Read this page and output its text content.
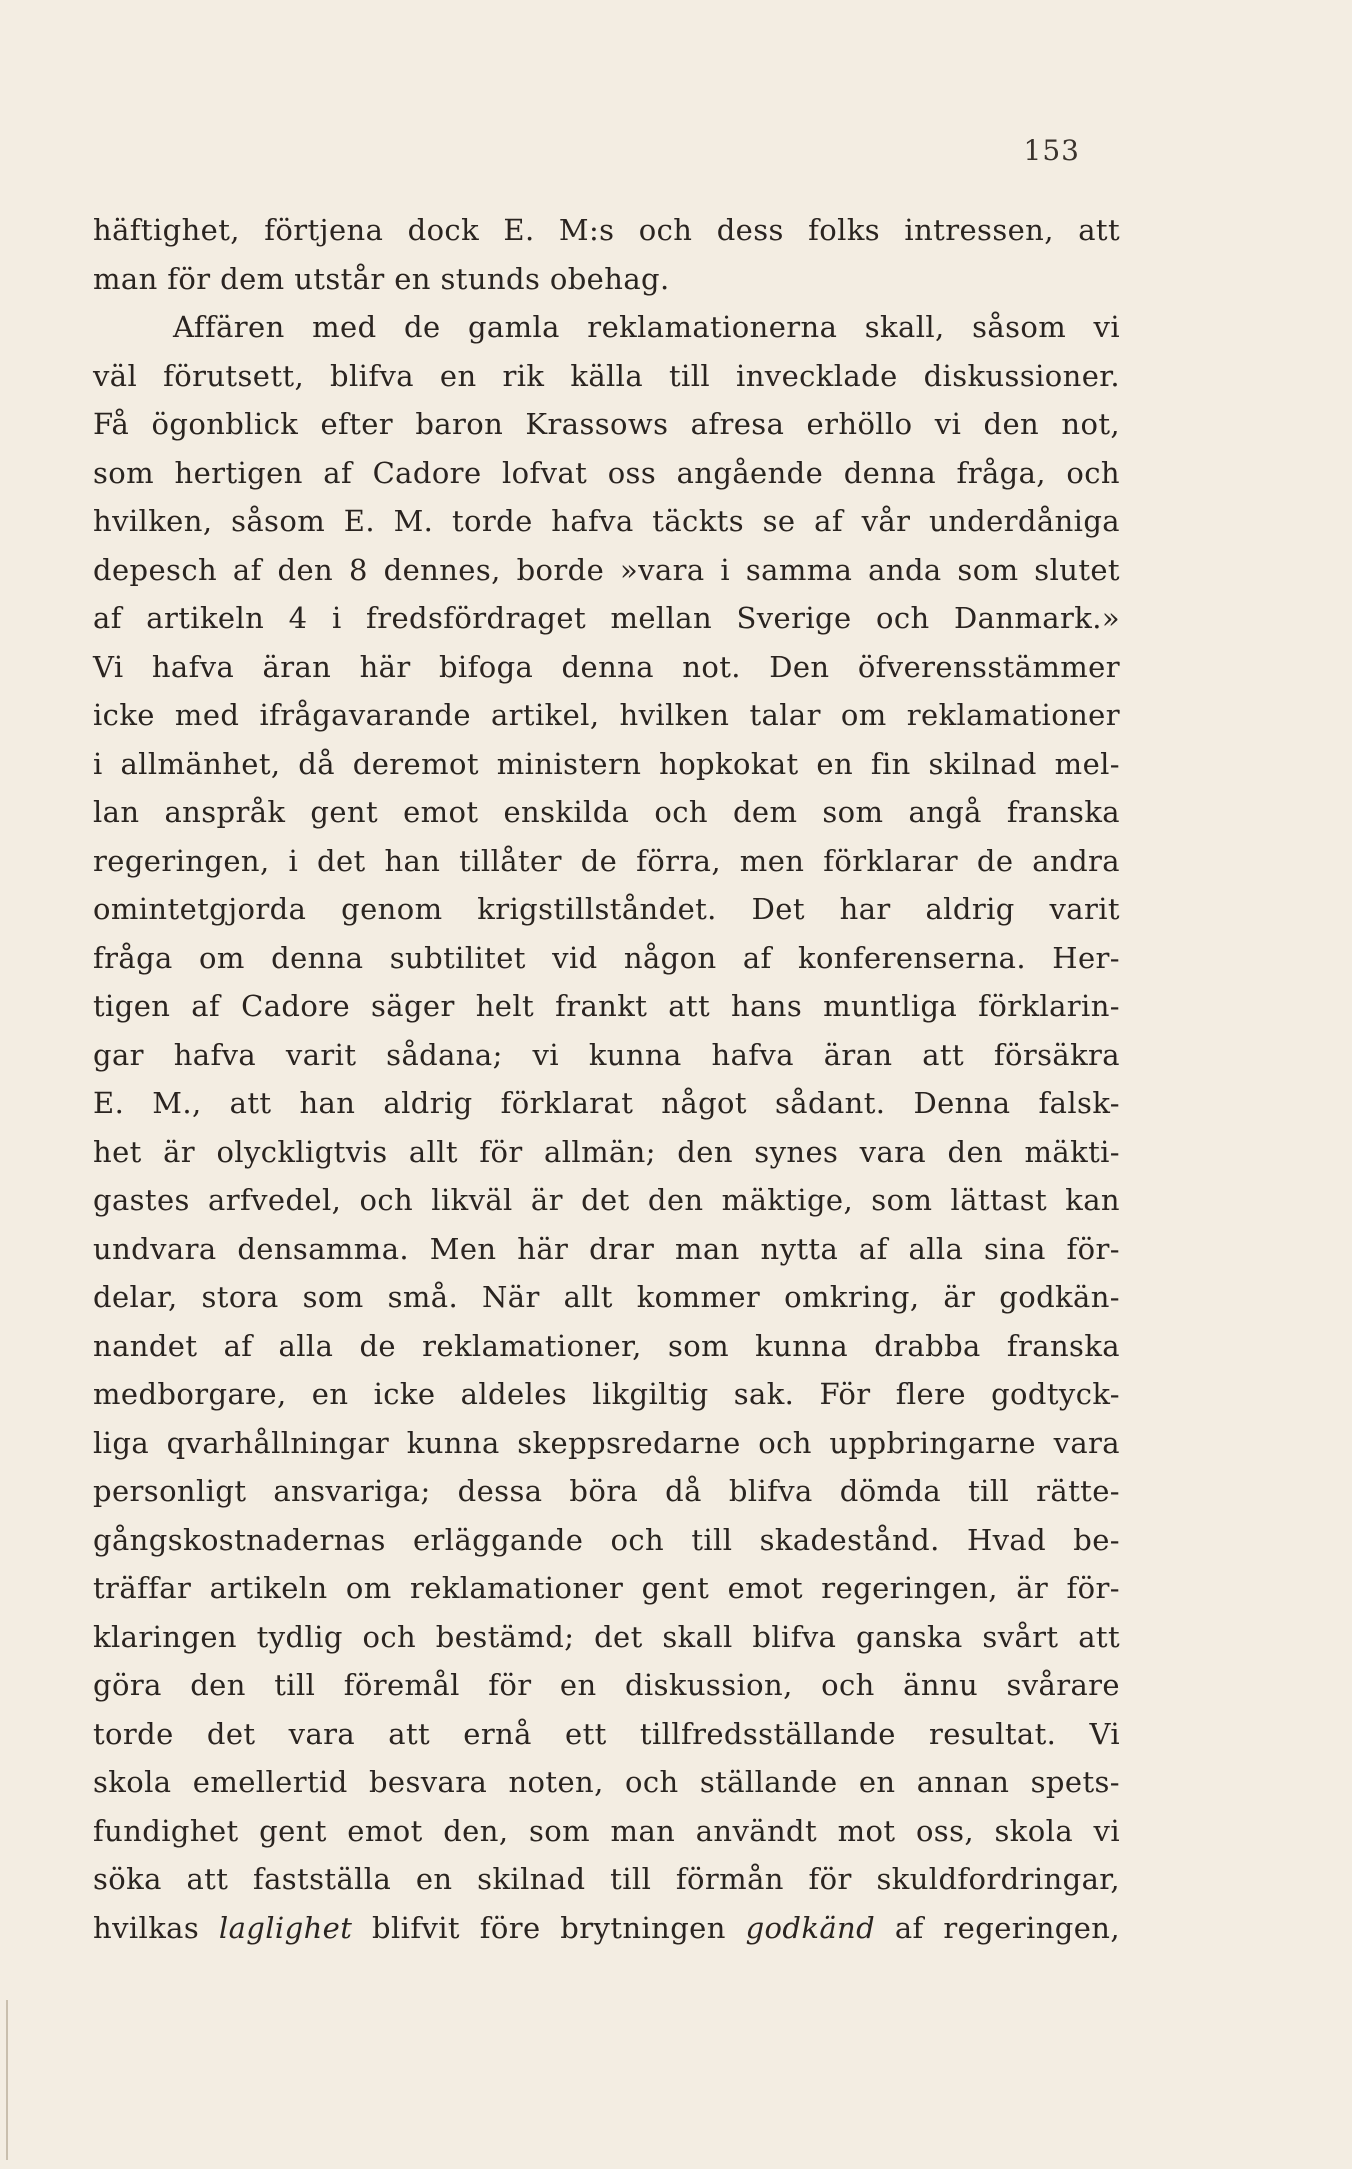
153
häftighet, förtjena dock E. M:s och dess folks intressen, att
man för dem utstår en stunds obehag.
Affären med de gamla reklamationerna skall, såsom vi
väl förutsett, blifva en rik källa till invecklade diskussioner.
Få ögonblick efter baron Krassows afresa erhöllo vi den not,
som hertigen af Cadore lofvat oss angående denna fråga, och
hvilken, såsom E. M. torde hafva täckts se af vår underdåniga
depesch af den 8 dennes, borde »vara i samma anda som slutet
af artikeln 4 i fredsfördraget mellan Sverige och Danmark.»
Vi hafva äran här bifoga denna not. Den öfverensstämmer
icke med ifrågavarande artikel, hvilken talar om reklamationer
i allmänhet, då deremot ministern hopkokat en fin skilnad mel-
lan anspråk gent emot enskilda och dem som angå franska
regeringen, i det han tillåter de förra, men förklarar de andra
omintetgjorda genom krigstillståndet. Det har aldrig varit
fråga om denna subtilitet vid någon af konferenserna. Her-
tigen af Cadore säger helt frankt att hans muntliga förklarin-
gar hafva varit sådana; vi kunna hafva äran att försäkra
E. M., att han aldrig förklarat något sådant. Denna falsk-
het är olyckligtvis allt för allmän; den synes vara den mäkti-
gastes arfvedel, och likväl är det den mäktige, som lättast kan
undvara densamma. Men här drar man nytta af alla sina för-
delar, stora som små. När allt kommer omkring, är godkän-
nandet af alla de reklamationer, som kunna drabba franska
medborgare, en icke aldeles likgiltig sak. För flere godtyck-
liga qvarhållningar kunna skeppsredarne och uppbringarne vara
personligt ansvariga; dessa böra då blifva dömda till rätte-
gångskostnadernas erläggande och till skadestånd. Hvad be-
träffar artikeln om reklamationer gent emot regeringen, är för-
klaringen tydlig och bestämd; det skall blifva ganska svårt att
göra den till föremål för en diskussion, och ännu svårare
torde det vara att ernå ett tillfredsställande resultat. Vi
skola emellertid besvara noten, och ställande en annan spets-
fundighet gent emot den, som man användt mot oss, skola vi
söka att fastställa en skilnad till förmån för skuldfordringar,
hvilkas laglighet blifvit före brytningen godkänd af regeringen,
